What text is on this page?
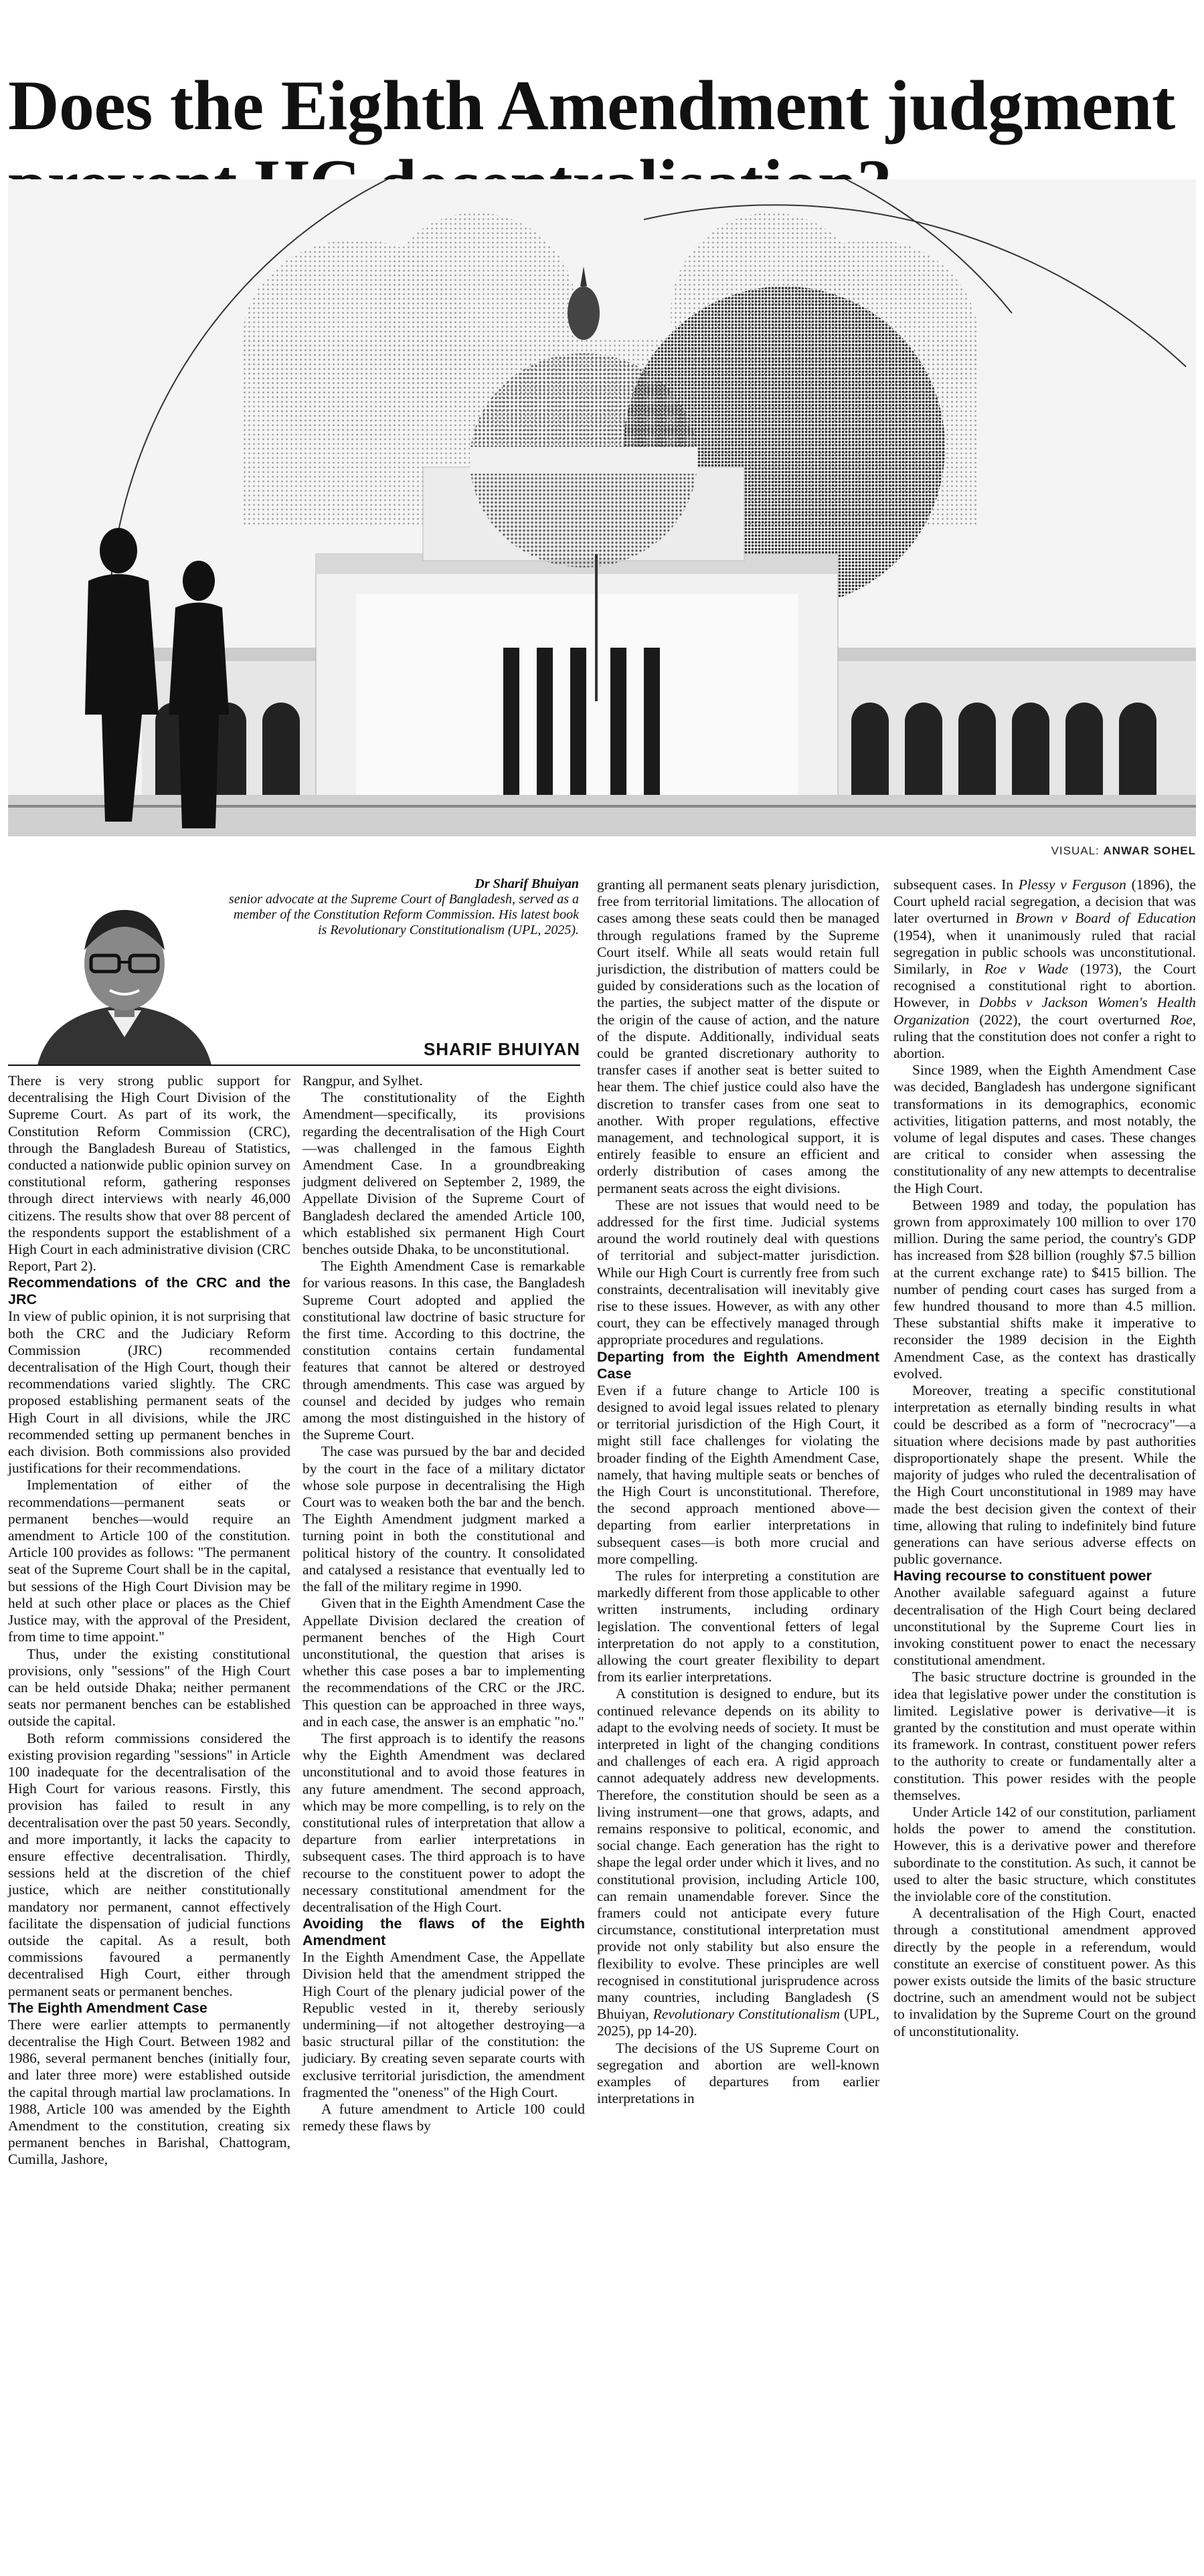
Does the Eighth Amendment judgment
VISUAL: ANWAR SOHEL
Dr Sharif Bhuiyan
senior advocate at the Supreme Court of Bangladesh, served as a member of the Constitution Reform Commission. His latest book is Revolutionary Constitutionalism (UPL, 2025).
SHARIF BHUIYAN

There is very strong public support for decentralising the High Court Division of the Supreme Court. As part of its work, the Constitution Reform Commission (CRC), through the Bangladesh Bureau of Statistics, conducted a nationwide public opinion survey on constitutional reform, gathering responses through direct interviews with nearly 46,000 citizens. The results show that over 88 percent of the respondents support the establishment of a High Court in each administrative division (CRC Report, Part 2).

Recommendations of the CRC and the JRC

In view of public opinion, it is not surprising that both the CRC and the Judiciary Reform Commission (JRC) recommended decentralisation of the High Court, though their recommendations varied slightly. The CRC proposed establishing permanent seats of the High Court in all divisions, while the JRC recommended setting up permanent benches in each division. Both commissions also provided justifications for their recommendations.

Implementation of either of the recommendations—permanent seats or permanent benches—would require an amendment to Article 100 of the constitution. Article 100 provides as follows: "The permanent seat of the Supreme Court shall be in the capital, but sessions of the High Court Division may be held at such other place or places as the Chief Justice may, with the approval of the President, from time to time appoint."

Thus, under the existing constitutional provisions, only "sessions" of the High Court can be held outside Dhaka; neither permanent seats nor permanent benches can be established outside the capital.

Both reform commissions considered the existing provision regarding "sessions" in Article 100 inadequate for the decentralisation of the High Court for various reasons. Firstly, this provision has failed to result in any decentralisation over the past 50 years. Secondly, and more importantly, it lacks the capacity to ensure effective decentralisation. Thirdly, sessions held at the discretion of the chief justice, which are neither constitutionally mandatory nor permanent, cannot effectively facilitate the dispensation of judicial functions outside the capital. As a result, both commissions favoured a permanently decentralised High Court, either through permanent seats or permanent benches.

The Eighth Amendment Case

There were earlier attempts to permanently decentralise the High Court. Between 1982 and 1986, several permanent benches (initially four, and later three more) were established outside the capital through martial law proclamations. In 1988, Article 100 was amended by the Eighth Amendment to the constitution, creating six permanent benches in Barishal, Chattogram, Cumilla, Jashore,

Rangpur, and Sylhet.

The constitutionality of the Eighth Amendment—specifically, its provisions regarding the decentralisation of the High Court—was challenged in the famous Eighth Amendment Case. In a groundbreaking judgment delivered on September 2, 1989, the Appellate Division of the Supreme Court of Bangladesh declared the amended Article 100, which established six permanent High Court benches outside Dhaka, to be unconstitutional.

The Eighth Amendment Case is remarkable for various reasons. In this case, the Bangladesh Supreme Court adopted and applied the constitutional law doctrine of basic structure for the first time. According to this doctrine, the constitution contains certain fundamental features that cannot be altered or destroyed through amendments. This case was argued by counsel and decided by judges who remain among the most distinguished in the history of the Supreme Court.

The case was pursued by the bar and decided by the court in the face of a military dictator whose sole purpose in decentralising the High Court was to weaken both the bar and the bench. The Eighth Amendment judgment marked a turning point in both the constitutional and political history of the country. It consolidated and catalysed a resistance that eventually led to the fall of the military regime in 1990.

Given that in the Eighth Amendment Case the Appellate Division declared the creation of permanent benches of the High Court unconstitutional, the question that arises is whether this case poses a bar to implementing the recommendations of the CRC or the JRC. This question can be approached in three ways, and in each case, the answer is an emphatic "no."

The first approach is to identify the reasons why the Eighth Amendment was declared unconstitutional and to avoid those features in any future amendment. The second approach, which may be more compelling, is to rely on the constitutional rules of interpretation that allow a departure from earlier interpretations in subsequent cases. The third approach is to have recourse to the constituent power to adopt the necessary constitutional amendment for the decentralisation of the High Court.

Avoiding the flaws of the Eighth Amendment

In the Eighth Amendment Case, the Appellate Division held that the amendment stripped the High Court of the plenary judicial power of the Republic vested in it, thereby seriously undermining—if not altogether destroying—a basic structural pillar of the constitution: the judiciary. By creating seven separate courts with exclusive territorial jurisdiction, the amendment fragmented the "oneness" of the High Court.

A future amendment to Article 100 could remedy these flaws by

granting all permanent seats plenary jurisdiction, free from territorial limitations. The allocation of cases among these seats could then be managed through regulations framed by the Supreme Court itself. While all seats would retain full jurisdiction, the distribution of matters could be guided by considerations such as the location of the parties, the subject matter of the dispute or the origin of the cause of action, and the nature of the dispute. Additionally, individual seats could be granted discretionary authority to transfer cases if another seat is better suited to hear them. The chief justice could also have the discretion to transfer cases from one seat to another. With proper regulations, effective management, and technological support, it is entirely feasible to ensure an efficient and orderly distribution of cases among the permanent seats across the eight divisions.

These are not issues that would need to be addressed for the first time. Judicial systems around the world routinely deal with questions of territorial and subject-matter jurisdiction. While our High Court is currently free from such constraints, decentralisation will inevitably give rise to these issues. However, as with any other court, they can be effectively managed through appropriate procedures and regulations.

Departing from the Eighth Amendment Case

Even if a future change to Article 100 is designed to avoid legal issues related to plenary or territorial jurisdiction of the High Court, it might still face challenges for violating the broader finding of the Eighth Amendment Case, namely, that having multiple seats or benches of the High Court is unconstitutional. Therefore, the second approach mentioned above—departing from earlier interpretations in subsequent cases—is both more crucial and more compelling.

The rules for interpreting a constitution are markedly different from those applicable to other written instruments, including ordinary legislation. The conventional fetters of legal interpretation do not apply to a constitution, allowing the court greater flexibility to depart from its earlier interpretations.

A constitution is designed to endure, but its continued relevance depends on its ability to adapt to the evolving needs of society. It must be interpreted in light of the changing conditions and challenges of each era. A rigid approach cannot adequately address new developments. Therefore, the constitution should be seen as a living instrument—one that grows, adapts, and remains responsive to political, economic, and social change. Each generation has the right to shape the legal order under which it lives, and no constitutional provision, including Article 100, can remain unamendable forever. Since the framers could not anticipate every future circumstance, constitutional interpretation must provide not only stability but also ensure the flexibility to evolve. These principles are well recognised in constitutional jurisprudence across many countries, including Bangladesh (S Bhuiyan, Revolutionary Constitutionalism (UPL, 2025), pp 14-20).

The decisions of the US Supreme Court on segregation and abortion are well-known examples of departures from earlier interpretations in

subsequent cases. In Plessy v Ferguson (1896), the Court upheld racial segregation, a decision that was later overturned in Brown v Board of Education (1954), when it unanimously ruled that racial segregation in public schools was unconstitutional. Similarly, in Roe v Wade (1973), the Court recognised a constitutional right to abortion. However, in Dobbs v Jackson Women's Health Organization (2022), the court overturned Roe, ruling that the constitution does not confer a right to abortion.

Since 1989, when the Eighth Amendment Case was decided, Bangladesh has undergone significant transformations in its demographics, economic activities, litigation patterns, and most notably, the volume of legal disputes and cases. These changes are critical to consider when assessing the constitutionality of any new attempts to decentralise the High Court.

Between 1989 and today, the population has grown from approximately 100 million to over 170 million. During the same period, the country's GDP has increased from $28 billion (roughly $7.5 billion at the current exchange rate) to $415 billion. The number of pending court cases has surged from a few hundred thousand to more than 4.5 million. These substantial shifts make it imperative to reconsider the 1989 decision in the Eighth Amendment Case, as the context has drastically evolved.

Moreover, treating a specific constitutional interpretation as eternally binding results in what could be described as a form of "necrocracy"—a situation where decisions made by past authorities disproportionately shape the present. While the majority of judges who ruled the decentralisation of the High Court unconstitutional in 1989 may have made the best decision given the context of their time, allowing that ruling to indefinitely bind future generations can have serious adverse effects on public governance.

Having recourse to constituent power

Another available safeguard against a future decentralisation of the High Court being declared unconstitutional by the Supreme Court lies in invoking constituent power to enact the necessary constitutional amendment.

The basic structure doctrine is grounded in the idea that legislative power under the constitution is limited. Legislative power is derivative—it is granted by the constitution and must operate within its framework. In contrast, constituent power refers to the authority to create or fundamentally alter a constitution. This power resides with the people themselves.

Under Article 142 of our constitution, parliament holds the power to amend the constitution. However, this is a derivative power and therefore subordinate to the constitution. As such, it cannot be used to alter the basic structure, which constitutes the inviolable core of the constitution.

A decentralisation of the High Court, enacted through a constitutional amendment approved directly by the people in a referendum, would constitute an exercise of constituent power. As this power exists outside the limits of the basic structure doctrine, such an amendment would not be subject to invalidation by the Supreme Court on the ground of unconstitutionality.
